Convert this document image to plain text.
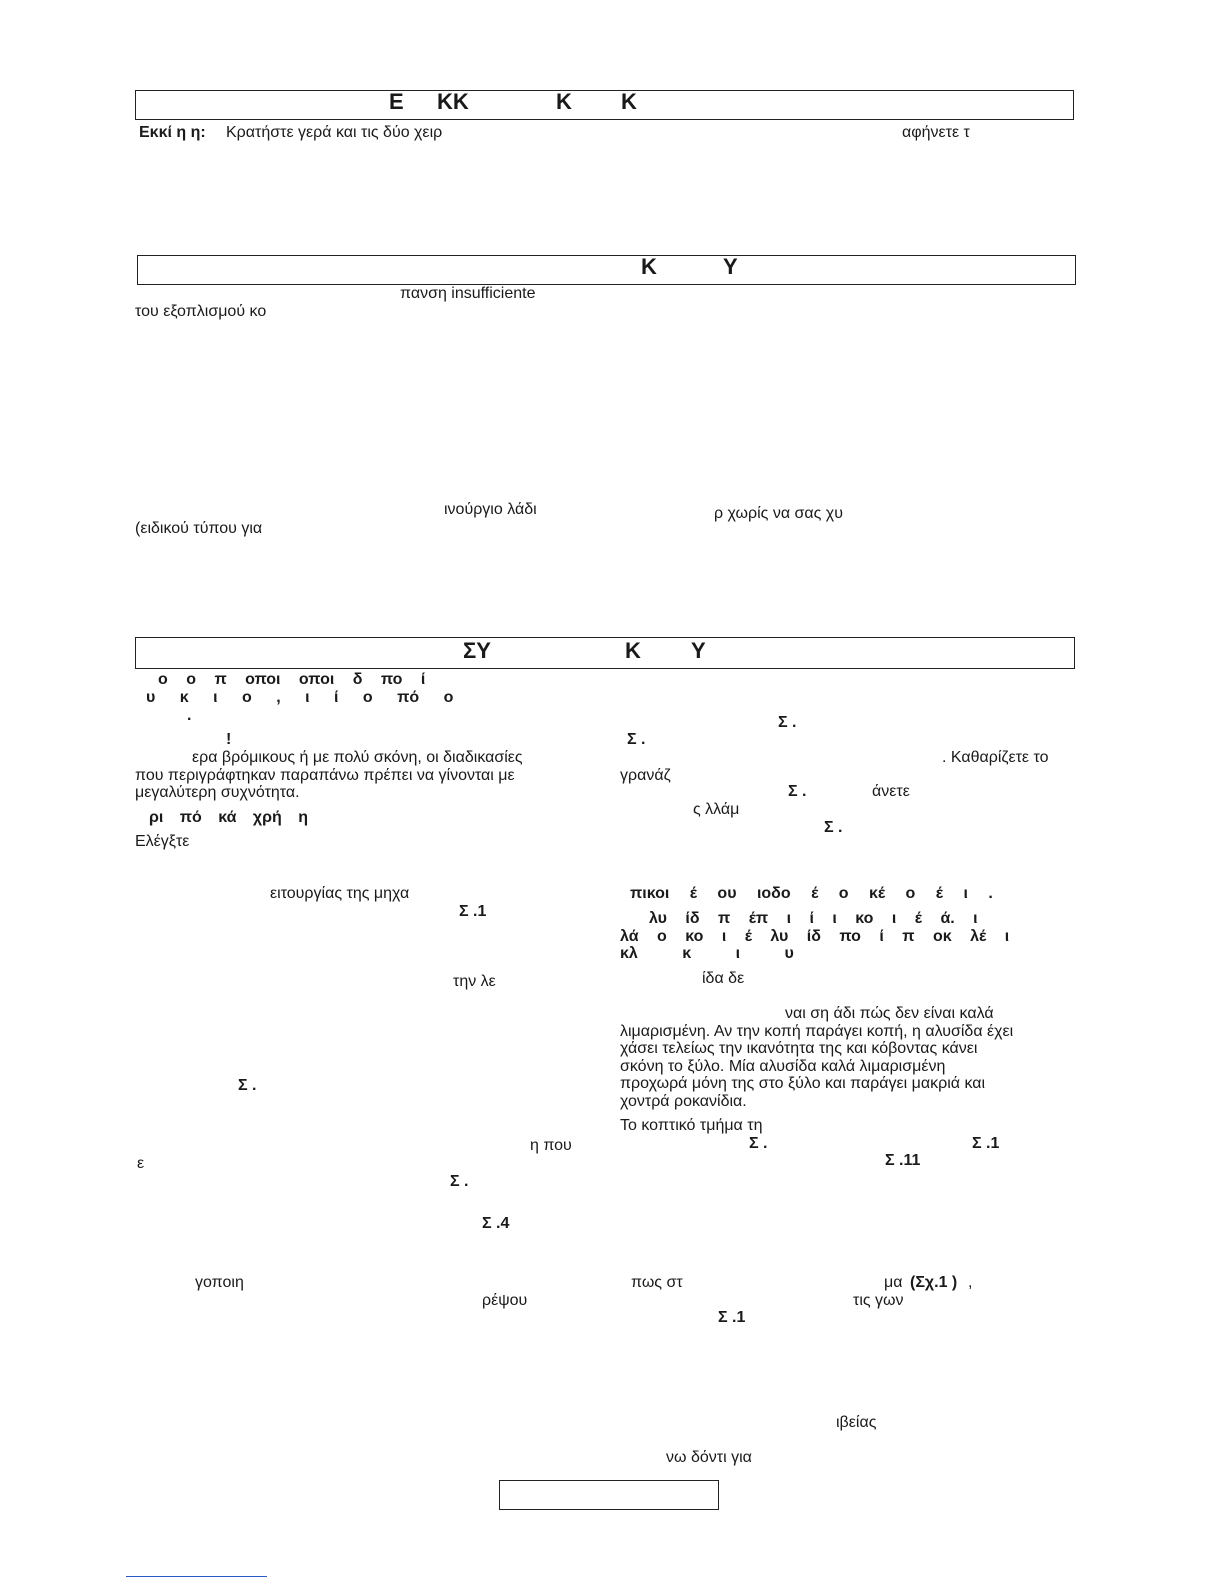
Ε ΚΚ	Κ Κ
Εκκί η η: Κρατήστε γερά και τις δύο χειρ	αφήνετε τ
Κ	Υ
πανση insufficiente
του εξοπλισμού κο
ινούργιο λάδι	ρ χωρίς να σας χυ
(ειδικού τύπου για
ΣΥ	Κ Υ
ο ο π οποι οποι δ πο ί
υ κ ι ο , ι ί ο πό ο
.
!
ερα βρόμικους ή με πολύ σκόνη, οι διαδικασίες
που περιγράφτηκαν παραπάνω πρέπει να γίνονται με
μεγαλύτερη συχνότητα.
ρι πό κά χρή η
Ελέγξτε
ειτουργίας της μηχα
Σ .1
την λε
Σ .
η που
ε
Σ .
Σ .4
γοποιη
ρέψου
Σ .
Σ .
. Καθαρίζετε το
γρανάζ
Σ .	άνετε
ς λλάμ
Σ .
πικοι έ ου ιοδο έ ο κέ ο έ ι .
λυ ίδ π έπ ι ί ι κο ι έ ά. ι
λά ο κο ι έ λυ ίδ πο ί π οκ λέ ι
κλ κ ι υ
ίδα δε
ναι ση άδι πώς δεν είναι καλά
λιμαρισμένη. Αν την κοπή παράγει κοπή, η αλυσίδα έχει
χάσει τελείως την ικανότητα της και κόβοντας κάνει
σκόνη το ξύλο. Μία αλυσίδα καλά λιμαρισμένη
προχωρά μόνη της στο ξύλο και παράγει μακριά και
χοντρά ροκανίδια.
Το κοπτικό τμήμα τη
Σ .	Σ .1
Σ .11
πως στ	μα (Σχ.1 ) ,
τις γων
Σ .1
ιβείας
νω δόντι για
